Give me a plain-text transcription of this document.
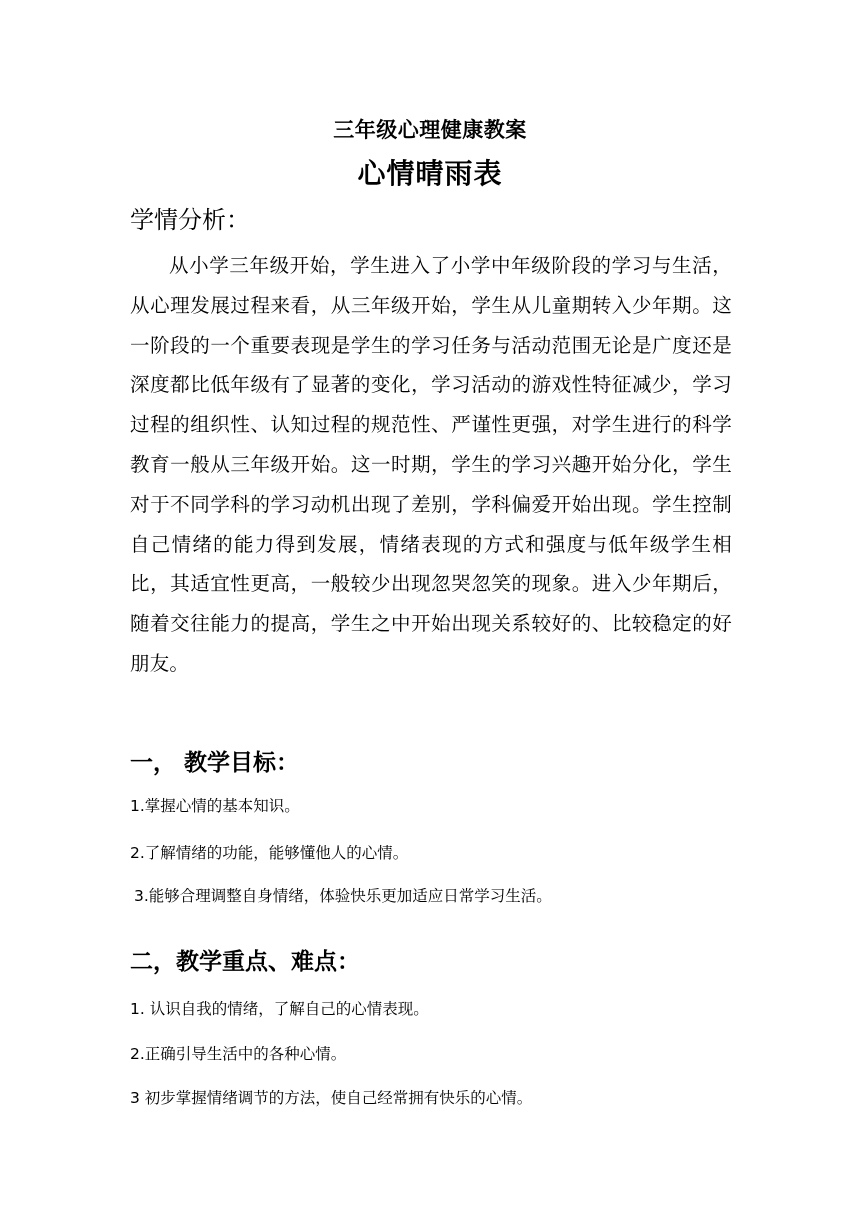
三年级心理健康教案
心情晴雨表
学情分析：
从小学三年级开始，学生进入了小学中年级阶段的学习与生活，从心理发展过程来看，从三年级开始，学生从儿童期转入少年期。这一阶段的一个重要表现是学生的学习任务与活动范围无论是广度还是深度都比低年级有了显著的变化，学习活动的游戏性特征减少，学习过程的组织性、认知过程的规范性、严谨性更强，对学生进行的科学教育一般从三年级开始。这一时期，学生的学习兴趣开始分化，学生对于不同学科的学习动机出现了差别，学科偏爱开始出现。学生控制自己情绪的能力得到发展，情绪表现的方式和强度与低年级学生相比，其适宜性更高，一般较少出现忽哭忽笑的现象。进入少年期后，随着交往能力的提高，学生之中开始出现关系较好的、比较稳定的好朋友。
一， 教学目标：
1.掌握心情的基本知识。
2.了解情绪的功能，能够懂他人的心情。
3.能够合理调整自身情绪，体验快乐更加适应日常学习生活。
二，教学重点、难点：
1. 认识自我的情绪，了解自己的心情表现。
2.正确引导生活中的各种心情。
3 初步掌握情绪调节的方法，使自己经常拥有快乐的心情。
